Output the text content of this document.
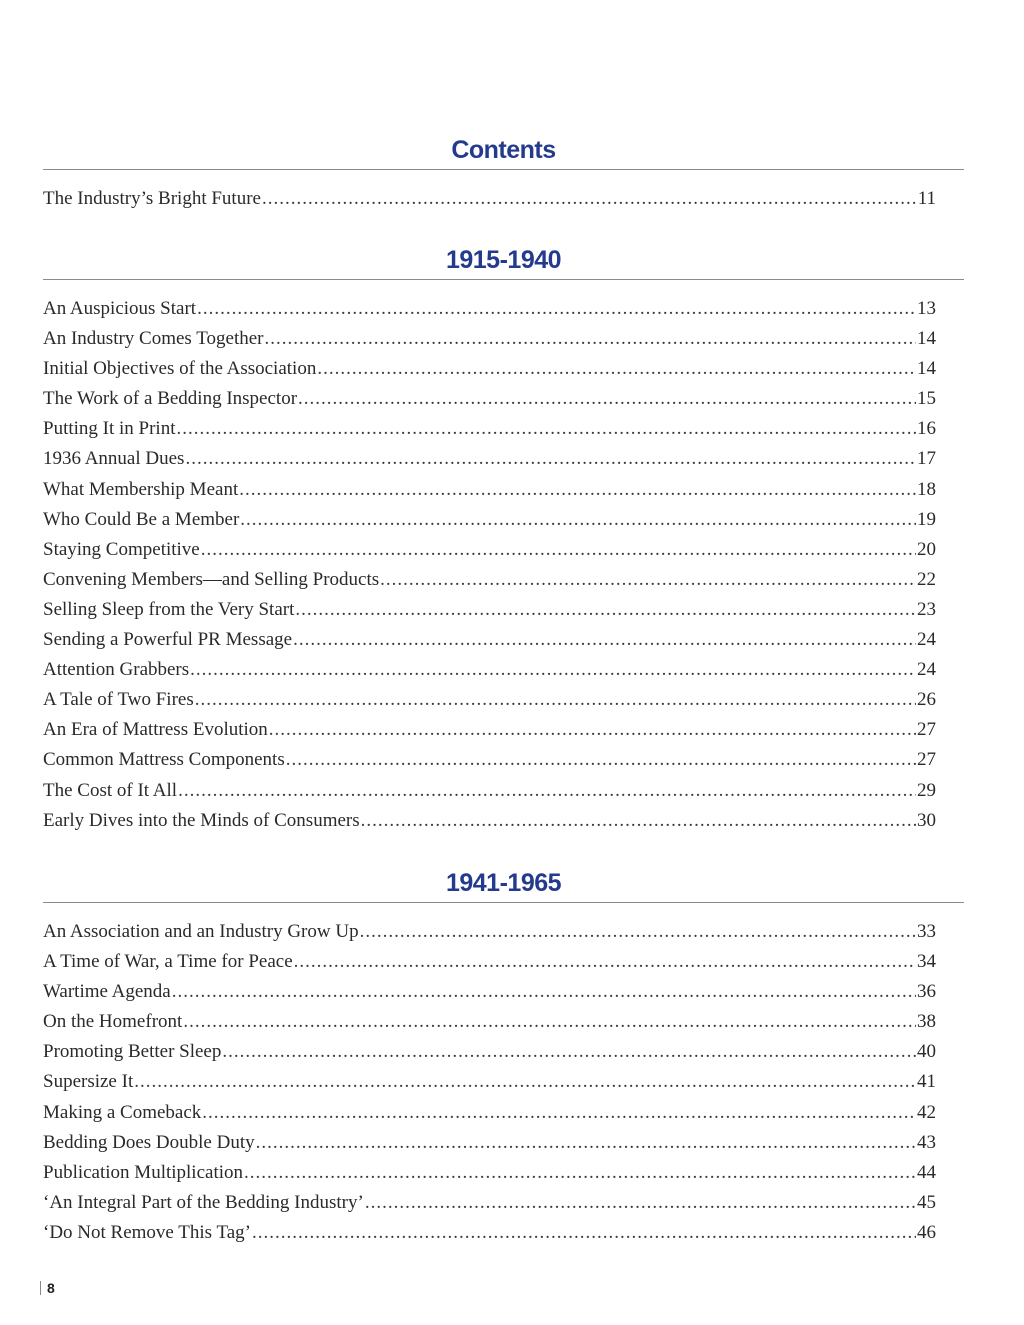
Contents
The Industry’s Bright Future .....	11
1915-1940
An Auspicious Start .....	13
An Industry Comes Together .....	14
Initial Objectives of the Association .....	14
The Work of a Bedding Inspector .....	15
Putting It in Print .....	16
1936 Annual Dues .....	17
What Membership Meant .....	18
Who Could Be a Member .....	19
Staying Competitive .....	20
Convening Members—and Selling Products .....	22
Selling Sleep from the Very Start .....	23
Sending a Powerful PR Message .....	24
Attention Grabbers .....	24
A Tale of Two Fires .....	26
An Era of Mattress Evolution .....	27
Common Mattress Components .....	27
The Cost of It All .....	29
Early Dives into the Minds of Consumers .....	30
1941-1965
An Association and an Industry Grow Up .....	33
A Time of War, a Time for Peace .....	34
Wartime Agenda .....	36
On the Homefront .....	38
Promoting Better Sleep .....	40
Supersize It .....	41
Making a Comeback .....	42
Bedding Does Double Duty .....	43
Publication Multiplication .....	44
‘An Integral Part of the Bedding Industry’ .....	45
‘Do Not Remove This Tag’ .....	46
8
